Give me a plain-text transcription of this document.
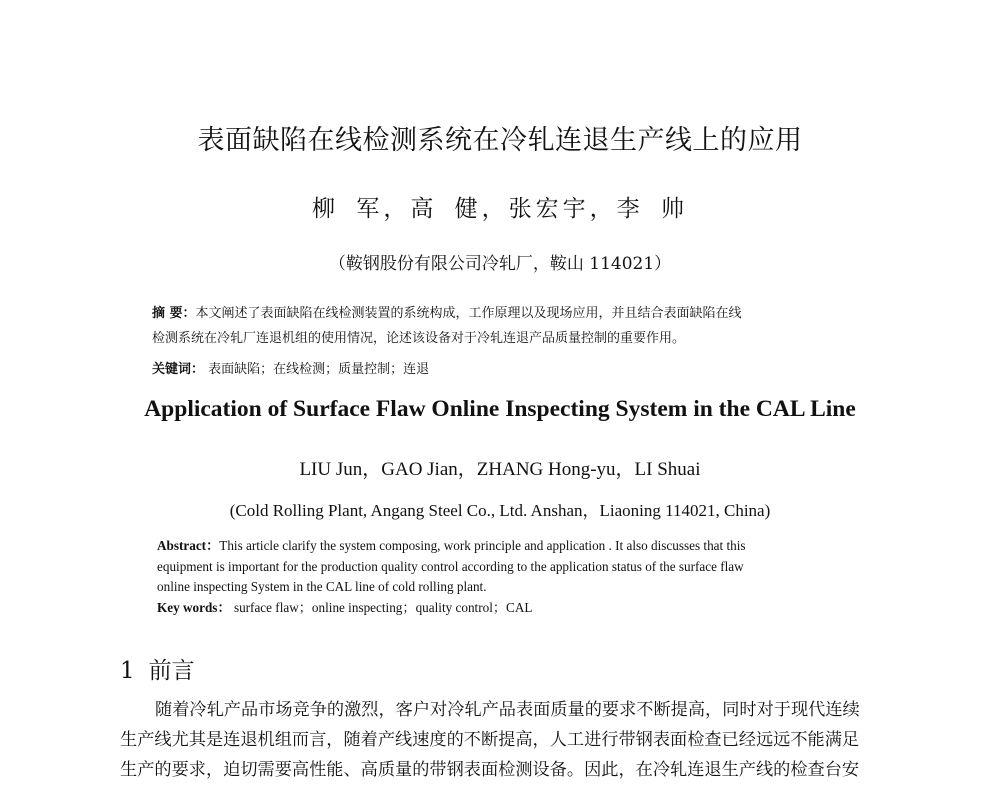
表面缺陷在线检测系统在冷轧连退生产线上的应用
柳 军，高 健，张宏宇，李 帅
（鞍钢股份有限公司冷轧厂，鞍山 114021）
摘 要：本文阐述了表面缺陷在线检测装置的系统构成，工作原理以及现场应用，并且结合表面缺陷在线
检测系统在冷轧厂连退机组的使用情况，论述该设备对于冷轧连退产品质量控制的重要作用。
关键词： 表面缺陷；在线检测；质量控制；连退
Application of Surface Flaw Online Inspecting System in the CAL Line
LIU Jun，GAO Jian，ZHANG Hong-yu，LI Shuai
(Cold Rolling Plant, Angang Steel Co., Ltd. Anshan，Liaoning 114021, China)
Abstract：This article clarify the system composing, work principle and application . It also discusses that this
equipment is important for the production quality control according to the application status of the surface flaw
online inspecting System in the CAL line of cold rolling plant.
Key words： surface flaw；online inspecting；quality control；CAL
1 前言
随着冷轧产品市场竞争的激烈，客户对冷轧产品表面质量的要求不断提高，同时对于现代连续
生产线尤其是连退机组而言，随着产线速度的不断提高，人工进行带钢表面检查已经远远不能满足
生产的要求，迫切需要高性能、高质量的带钢表面检测设备。因此，在冷轧连退生产线的检查台安
